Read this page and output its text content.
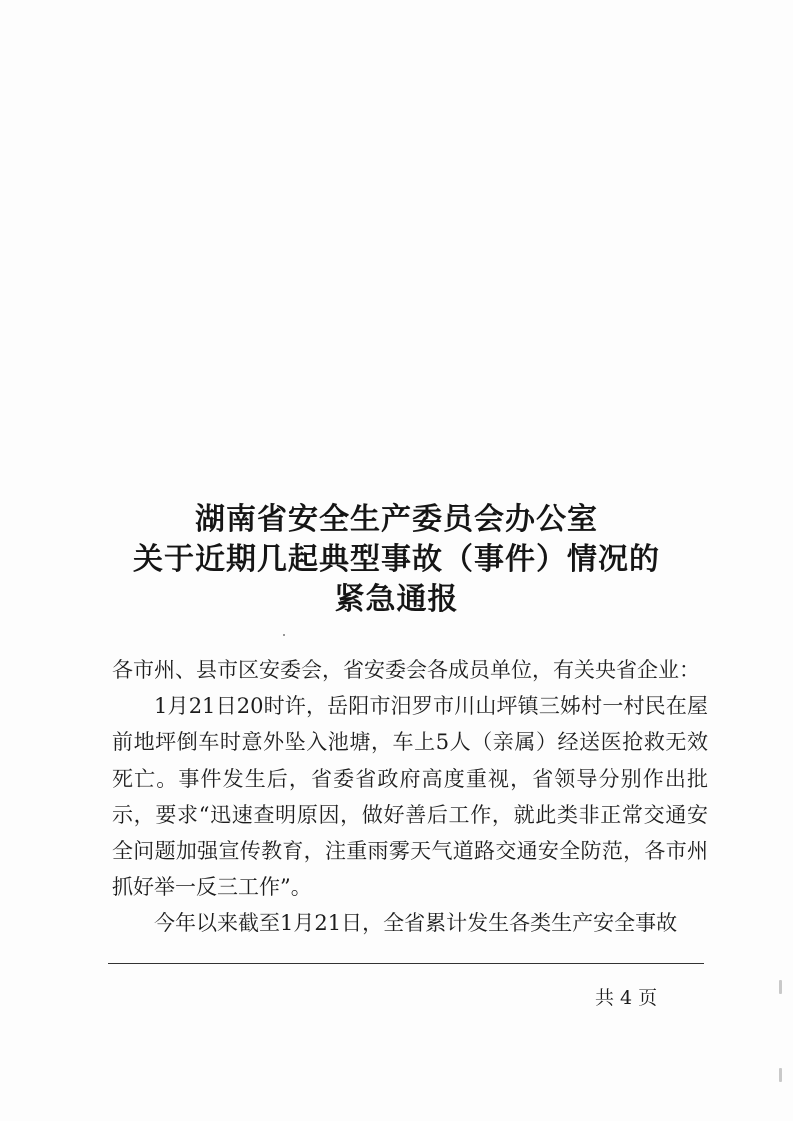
湖南省安全生产委员会办公室
关于近期几起典型事故（事件）情况的
紧急通报

各市州、县市区安委会，省安委会各成员单位，有关央省企业：

1月21日20时许，岳阳市汨罗市川山坪镇三姊村一村民在屋前地坪倒车时意外坠入池塘，车上5人（亲属）经送医抢救无效死亡。事件发生后，省委省政府高度重视，省领导分别作出批示，要求“迅速查明原因，做好善后工作，就此类非正常交通安全问题加强宣传教育，注重雨雾天气道路交通安全防范，各市州抓好举一反三工作”。

今年以来截至1月21日，全省累计发生各类生产安全事故

共 4 页
